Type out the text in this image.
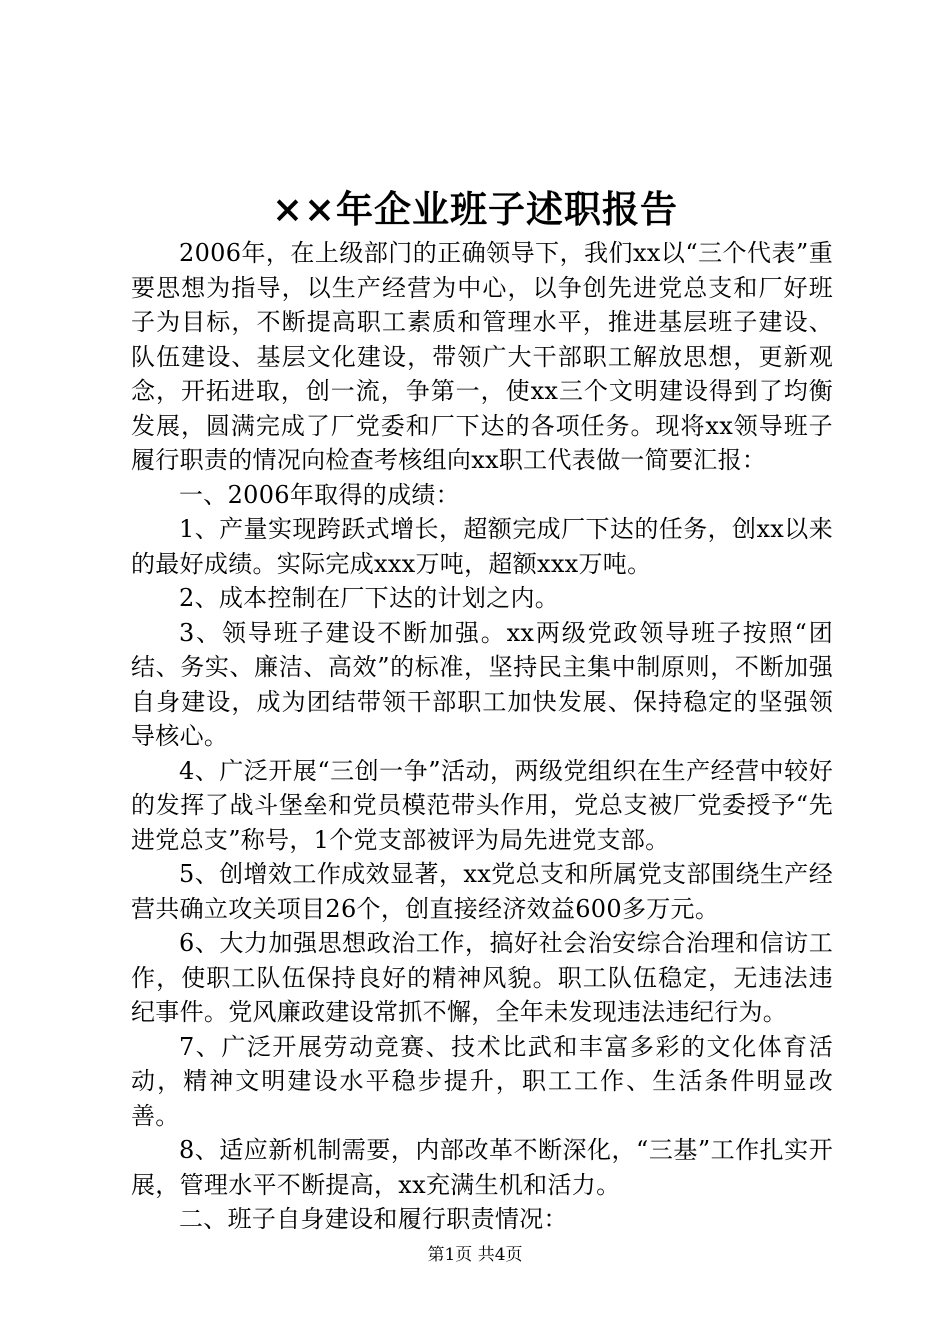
××年企业班子述职报告

2006年，在上级部门的正确领导下，我们xx以“三个代表”重要思想为指导，以生产经营为中心，以争创先进党总支和厂好班子为目标，不断提高职工素质和管理水平，推进基层班子建设、队伍建设、基层文化建设，带领广大干部职工解放思想，更新观念，开拓进取，创一流，争第一，使xx三个文明建设得到了均衡发展，圆满完成了厂党委和厂下达的各项任务。现将xx领导班子履行职责的情况向检查考核组向xx职工代表做一简要汇报：

一、2006年取得的成绩：

1、产量实现跨跃式增长，超额完成厂下达的任务，创xx以来的最好成绩。实际完成xxx万吨，超额xxx万吨。

2、成本控制在厂下达的计划之内。

3、领导班子建设不断加强。xx两级党政领导班子按照“团结、务实、廉洁、高效”的标准，坚持民主集中制原则，不断加强自身建设，成为团结带领干部职工加快发展、保持稳定的坚强领导核心。

4、广泛开展“三创一争”活动，两级党组织在生产经营中较好的发挥了战斗堡垒和党员模范带头作用，党总支被厂党委授予“先进党总支”称号，1个党支部被评为局先进党支部。

5、创增效工作成效显著，xx党总支和所属党支部围绕生产经营共确立攻关项目26个，创直接经济效益600多万元。

6、大力加强思想政治工作，搞好社会治安综合治理和信访工作，使职工队伍保持良好的精神风貌。职工队伍稳定，无违法违纪事件。党风廉政建设常抓不懈，全年未发现违法违纪行为。

7、广泛开展劳动竞赛、技术比武和丰富多彩的文化体育活动，精神文明建设水平稳步提升，职工工作、生活条件明显改善。

8、适应新机制需要，内部改革不断深化，“三基”工作扎实开展，管理水平不断提高，xx充满生机和活力。

二、班子自身建设和履行职责情况：

第1页 共4页
